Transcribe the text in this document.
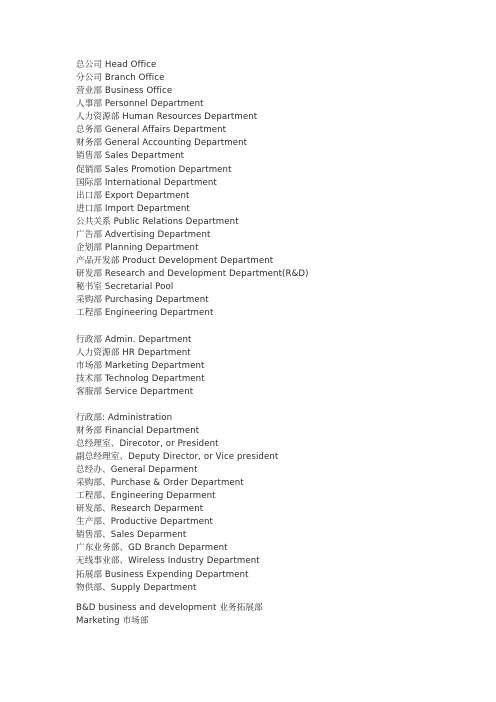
总公司 Head Office
分公司 Branch Office
营业部 Business Office
人事部 Personnel Department
人力资源部 Human Resources Department
总务部 General Affairs Department
财务部 General Accounting Department
销售部 Sales Department
促销部 Sales Promotion Department
国际部 International Department
出口部 Export Department
进口部 Import Department
公共关系 Public Relations Department
广告部 Advertising Department
企划部 Planning Department
产品开发部 Product Development Department
研发部 Research and Development Department(R&D)
秘书室 Secretarial Pool
采购部 Purchasing Department
工程部 Engineering Department
行政部 Admin. Department
人力资源部 HR Department
市场部 Marketing Department
技术部 Technolog Department
客服部 Service Department
行政部: Administration
财务部 Financial Department
总经理室、Direcotor, or President
副总经理室、Deputy Director, or Vice president
总经办、General Deparment
采购部、Purchase & Order Department
工程部、Engineering Deparment
研发部、Research Deparment
生产部、Productive Department
销售部、Sales Deparment
广东业务部、GD Branch Deparment
无线事业部、Wireless Industry Department
拓展部 Business Expending Department
物供部、Supply Department
B&D business and development 业务拓展部
Marketing 市场部
